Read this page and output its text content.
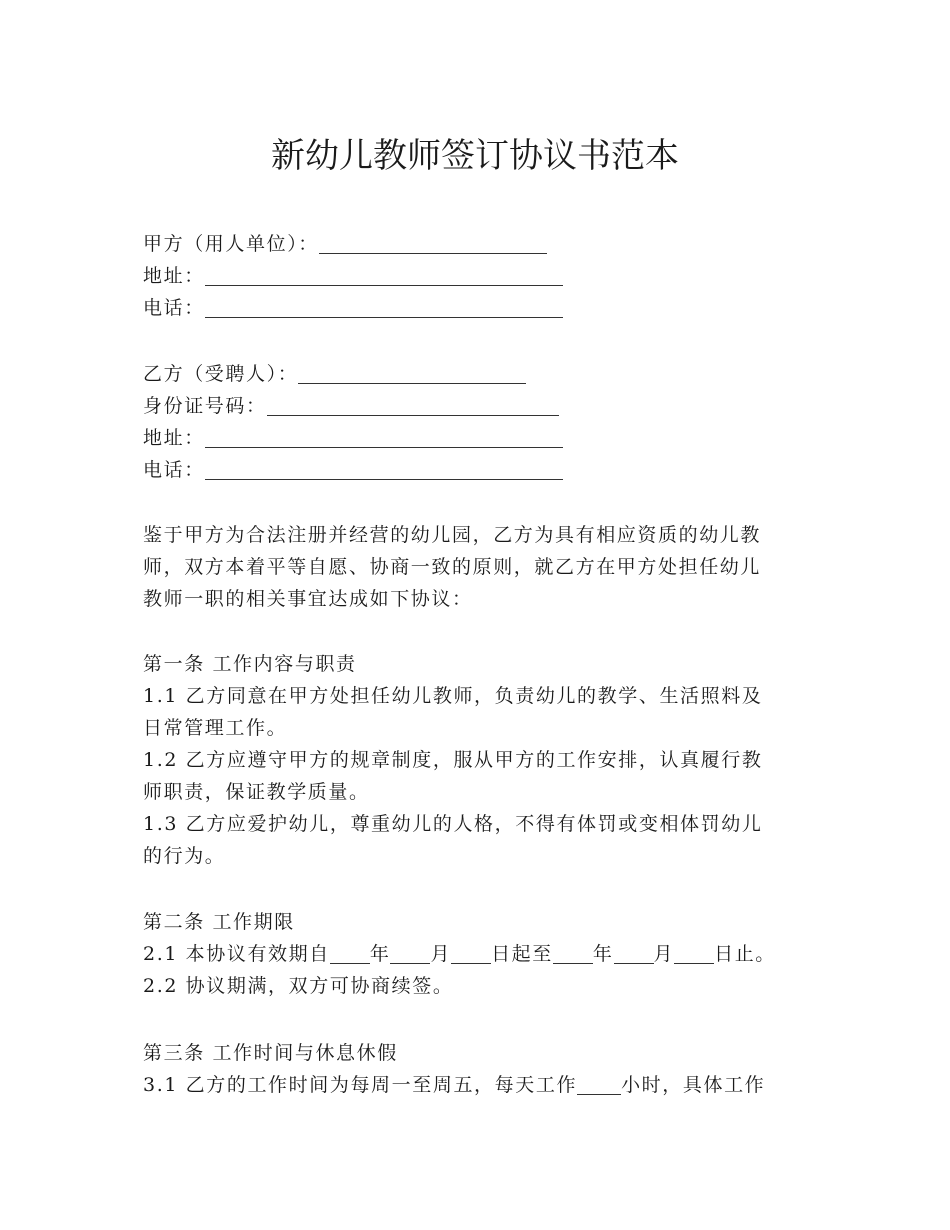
新幼儿教师签订协议书范本
甲方（用人单位）：
地址：
电话：
乙方（受聘人）：
身份证号码：
地址：
电话：
鉴于甲方为合法注册并经营的幼儿园，乙方为具有相应资质的幼儿教
师，双方本着平等自愿、协商一致的原则，就乙方在甲方处担任幼儿
教师一职的相关事宜达成如下协议：
第一条 工作内容与职责
1.1 乙方同意在甲方处担任幼儿教师，负责幼儿的教学、生活照料及
日常管理工作。
1.2 乙方应遵守甲方的规章制度，服从甲方的工作安排，认真履行教
师职责，保证教学质量。
1.3 乙方应爱护幼儿，尊重幼儿的人格，不得有体罚或变相体罚幼儿
的行为。
第二条 工作期限
2.1 本协议有效期自 年 月 日起至 年 月 日止。
2.2 协议期满，双方可协商续签。
第三条 工作时间与休息休假
3.1 乙方的工作时间为每周一至周五，每天工作 小时，具体工作
